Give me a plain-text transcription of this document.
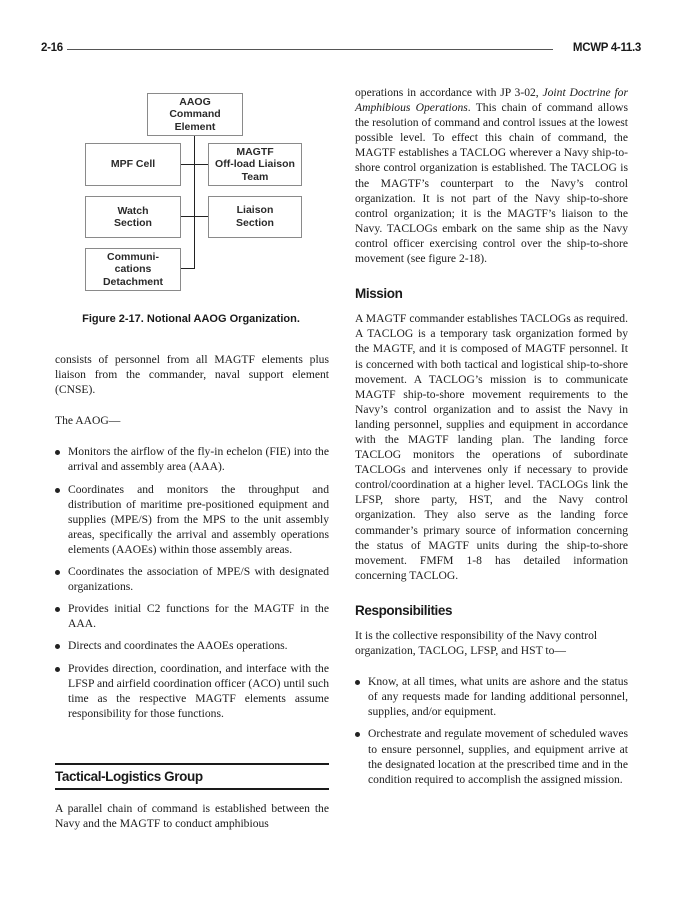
2-16	MCWP 4-11.3
AAOG
Command
Element
MPF Cell
MAGTF
Off-load Liaison
Team
Watch
Section
Liaison
Section
Communi-
cations
Detachment
Figure 2-17. Notional AAOG Organization.

consists of personnel from all MAGTF elements plus liaison from the commander, naval support element (CNSE).

The AAOG—

Monitors the airflow of the fly-in echelon (FIE) into the arrival and assembly area (AAA).
Coordinates and monitors the throughput and distribution of maritime pre-positioned equipment and supplies (MPE/S) from the MPS to the unit assembly areas, specifically the arrival and assembly operations elements (AAOEs) within those assembly areas.
Coordinates the association of MPE/S with designated organizations.
Provides initial C2 functions for the MAGTF in the AAA.
Directs and coordinates the AAOEs operations.
Provides direction, coordination, and interface with the LFSP and airfield coordination officer (ACO) until such time as the respective MAGTF elements assume responsibility for those functions.
Tactical-Logistics Group

A parallel chain of command is established between the Navy and the MAGTF to conduct amphibious

operations in accordance with JP 3-02, Joint Doctrine for Amphibious Operations. This chain of command allows the resolution of command and control issues at the lowest possible level. To effect this chain of command, the MAGTF establishes a TACLOG wherever a Navy ship-to-shore control organization is established. The TACLOG is the MAGTF’s counterpart to the Navy’s control organization. It is not part of the Navy ship-to-shore control organization; it is the MAGTF’s liaison to the Navy. TACLOGs embark on the same ship as the Navy control officer exercising control over the ship-to-shore movement (see figure 2-18).

Mission

A MAGTF commander establishes TACLOGs as required. A TACLOG is a temporary task organization formed by the MAGTF, and it is composed of MAGTF personnel. It is concerned with both tactical and logistical ship-to-shore movement. A TACLOG’s mission is to communicate MAGTF ship-to-shore movement requirements to the Navy’s control organization and to assist the Navy in landing personnel, supplies and equipment in accordance with the MAGTF landing plan. The landing force TACLOG monitors the operations of subordinate TACLOGs and intervenes only if necessary to provide control/coordination at a higher level. TACLOGs link the LFSP, shore party, HST, and the Navy control organization. They also serve as the landing force commander’s primary source of information concerning the status of MAGTF units during the ship-to-shore movement. FMFM 1-8 has detailed information concerning TACLOG.

Responsibilities

It is the collective responsibility of the Navy control organization, TACLOG, LFSP, and HST to—

Know, at all times, what units are ashore and the status of any requests made for landing additional personnel, supplies, and/or equipment.
Orchestrate and regulate movement of scheduled waves to ensure personnel, supplies, and equipment arrive at the designated location at the prescribed time and in the condition required to accomplish the assigned mission.
